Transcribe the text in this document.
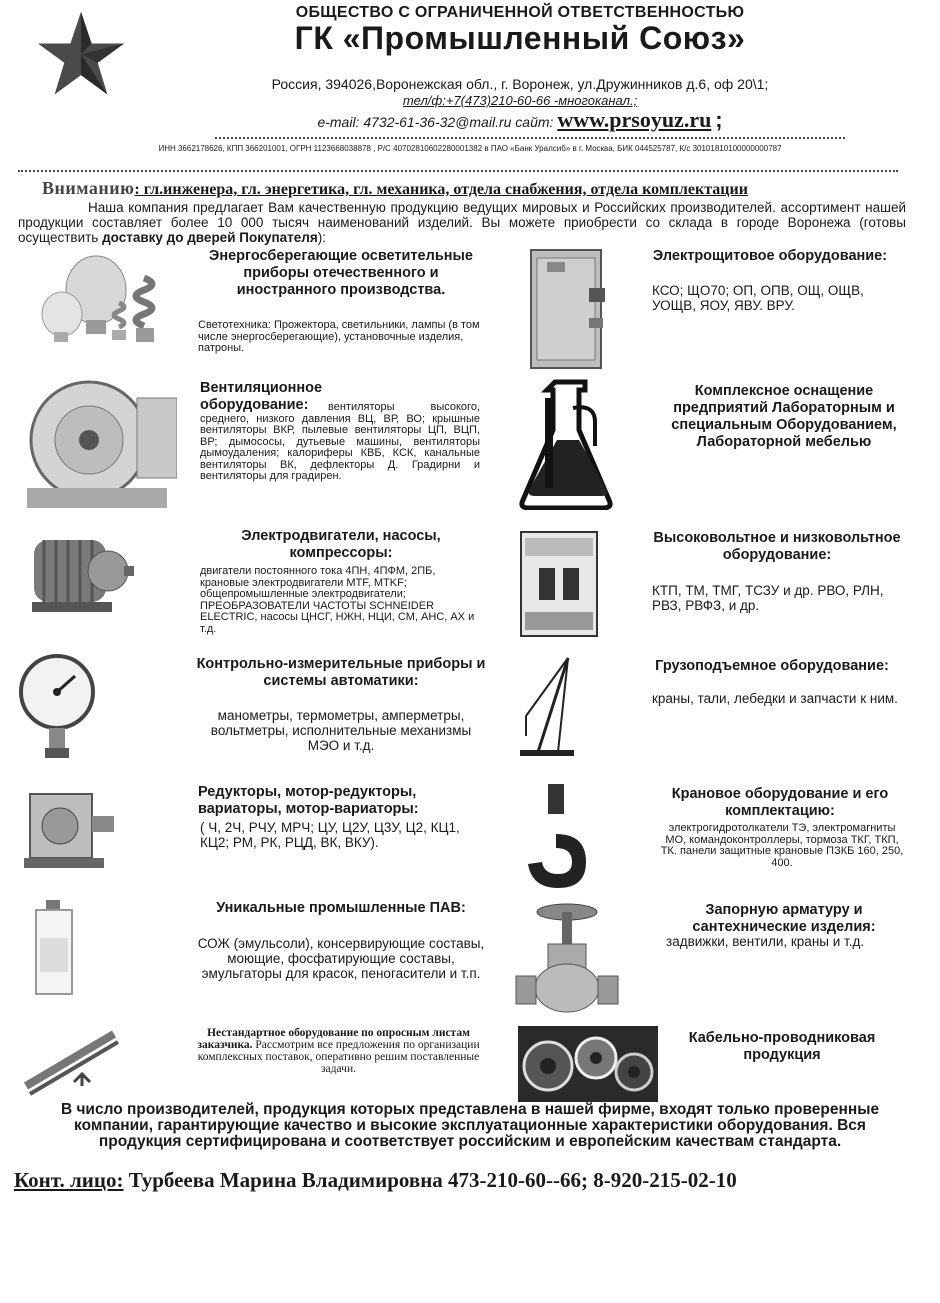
ОБЩЕСТВО С ОГРАНИЧЕННОЙ ОТВЕТСТВЕННОСТЬЮ
ГК «Промышленный Союз»
Россия, 394026,Воронежская обл., г. Воронеж, ул.Дружинников д.6, оф 20\1;
тел/ф:+7(473)210-60-66 -многоканал.;
e-mail: 4732-61-36-32@mail.ru сайт: www.prsoyuz.ru ;
ИНН 3662178626, КПП 366201001, ОГРН 1123668038878 , Р/С 40702810602280001382 в ПАО «Банк Уралсиб» в г. Москва, БИК 044525787, К/с 30101810100000000787
Вниманию: гл.инженера, гл. энергетика, гл. механика, отдела снабжения, отдела комплектации
Наша компания предлагает Вам качественную продукцию ведущих мировых и Российских производителей. ассортимент нашей продукции составляет более 10 000 тысяч наименований изделий. Вы можете приобрести со склада в городе Воронежа (готовы осуществить доставку до дверей Покупателя):
Энергосберегающие осветительные приборы отечественного и иностранного производства.
Светотехника: Прожектора, светильники, лампы (в том числе энергосберегающие), установочные изделия, патроны.
Электрощитовое оборудование:
КСО; ЩО70; ОП, ОПВ, ОЩ, ОЩВ, УОЩВ, ЯОУ, ЯВУ. ВРУ.
Вентиляционное оборудование:	вентиляторы высокого, среднего, низкого давления ВЦ, ВР, ВО; крышные вентиляторы ВКР, пылевые вентиляторы ЦП, ВЦП, ВР; дымососы, дутьевые машины, вентиляторы дымоудаления; калориферы КВБ, КСК, канальные вентиляторы ВК, дефлекторы Д. Градирни и вентиляторы для градирен.
Комплексное оснащение предприятий Лабораторным и специальным Оборудованием, Лабораторной мебелью
Электродвигатели, насосы, компрессоры:
двигатели постоянного тока 4ПН, 4ПФМ, 2ПБ, крановые электродвигатели MTF, MTKF; общепромышленные электродвигатели; ПРЕОБРАЗОВАТЕЛИ ЧАСТОТЫ SCHNEIDER ELECTRIC, насосы ЦНСГ, НЖН, НЦИ, СМ, АНС, АХ и т.д.
Высоковольтное и низковольтное оборудование:
КТП, ТМ, ТМГ, ТСЗУ и др. РВО, РЛН, РВЗ, РВФЗ, и др.
Контрольно-измерительные приборы и системы автоматики:
манометры, термометры, амперметры, вольтметры, исполнительные механизмы МЭО и т.д.
Грузоподъемное оборудование:
краны, тали, лебедки и запчасти к ним.
Редукторы, мотор-редукторы, вариаторы, мотор-вариаторы:
( Ч, 2Ч, РЧУ, МРЧ; ЦУ, Ц2У, Ц3У, Ц2, КЦ1, КЦ2; РМ, РК, РЦД, ВК, ВКУ).
Крановое оборудование и его комплектацию:
электрогидротолкатели ТЭ, электромагниты МО, командоконтроллеры, тормоза ТКГ, ТКП, ТК. панели защитные крановые ПЗКБ 160, 250, 400.
Уникальные промышленные ПАВ:
СОЖ (эмульсоли), консервирующие составы, моющие, фосфатирующие составы, эмульгаторы для красок, пеногасители и т.п.
Запорную арматуру и сантехнические изделия:
задвижки, вентили, краны и т.д.
Нестандартное оборудование по опросным листам заказчика. Рассмотрим все предложения по организации комплексных поставок, оперативно решим поставленные задачи.
Кабельно-проводниковая продукция
В число производителей, продукция которых представлена в нашей фирме, входят только проверенные компании, гарантирующие качество и высокие эксплуатационные характеристики оборудования. Вся продукция сертифицирована и соответствует российским и европейским качествам стандарта.
Конт. лицо: Турбеева Марина Владимировна 473-210-60--66; 8-920-215-02-10
